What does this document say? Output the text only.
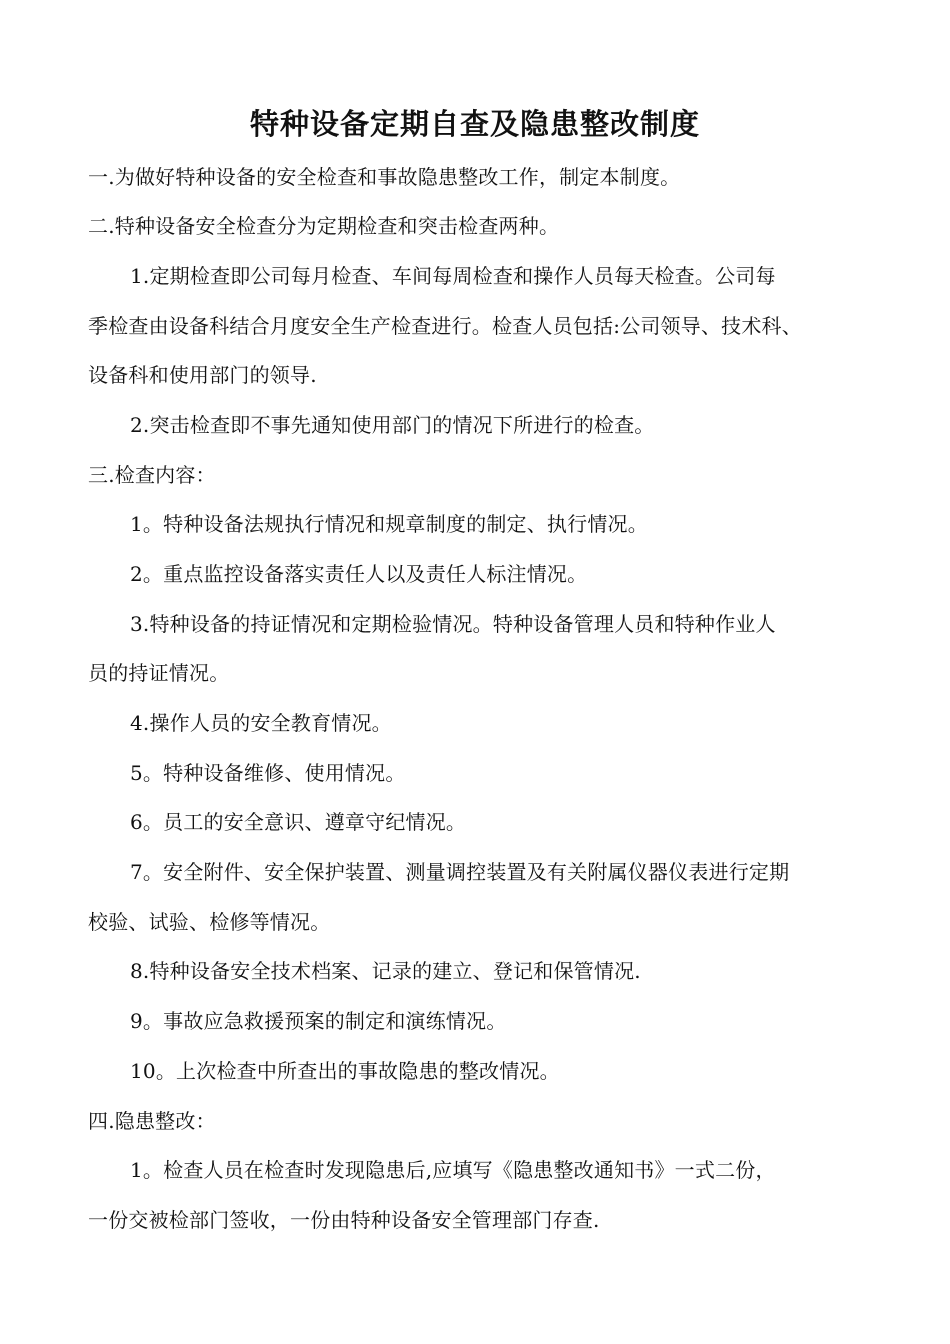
特种设备定期自查及隐患整改制度
一.为做好特种设备的安全检查和事故隐患整改工作，制定本制度。
二.特种设备安全检查分为定期检查和突击检查两种。
1.定期检查即公司每月检查、车间每周检查和操作人员每天检查。公司每
季检查由设备科结合月度安全生产检查进行。检查人员包括:公司领导、技术科、
设备科和使用部门的领导.
2.突击检查即不事先通知使用部门的情况下所进行的检查。
三.检查内容：
1。特种设备法规执行情况和规章制度的制定、执行情况。
2。重点监控设备落实责任人以及责任人标注情况。
3.特种设备的持证情况和定期检验情况。特种设备管理人员和特种作业人
员的持证情况。
4.操作人员的安全教育情况。
5。特种设备维修、使用情况。
6。员工的安全意识、遵章守纪情况。
7。安全附件、安全保护装置、测量调控装置及有关附属仪器仪表进行定期
校验、试验、检修等情况。
8.特种设备安全技术档案、记录的建立、登记和保管情况.
9。事故应急救援预案的制定和演练情况。
10。上次检查中所查出的事故隐患的整改情况。
四.隐患整改：
1。检查人员在检查时发现隐患后,应填写《隐患整改通知书》一式二份，
一份交被检部门签收，一份由特种设备安全管理部门存查.
